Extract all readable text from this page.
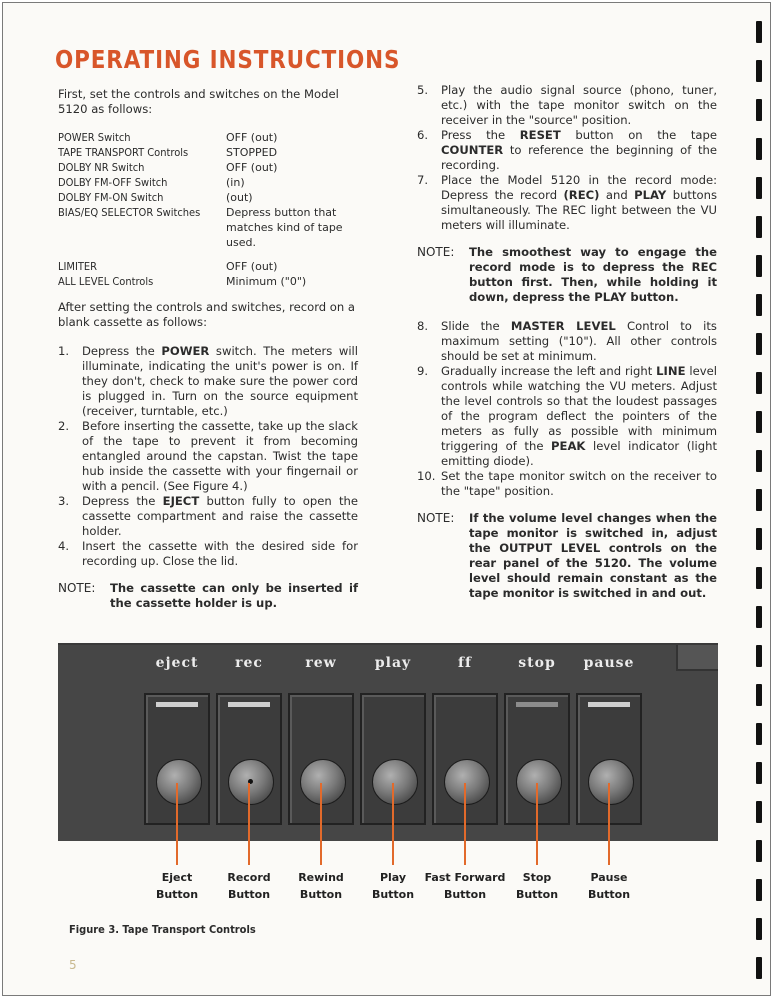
OPERATING INSTRUCTIONS

First, set the controls and switches on the Model 5120 as follows:

POWER Switch	OFF (out)
TAPE TRANSPORT Controls	STOPPED
DOLBY NR Switch	OFF (out)
DOLBY FM-OFF Switch	(in)
DOLBY FM-ON Switch	(out)
BIAS/EQ SELECTOR Switches	Depress button that matches kind of tape used.
LIMITER	OFF (out)
ALL LEVEL Controls	Minimum ("0")

After setting the controls and switches, record on a blank cassette as follows:

1. Depress the POWER switch. The meters will illuminate, indicating the unit's power is on. If they don't, check to make sure the power cord is plugged in. Turn on the source equipment (receiver, turntable, etc.)
2. Before inserting the cassette, take up the slack of the tape to prevent it from becoming entangled around the capstan. Twist the tape hub inside the cassette with your fingernail or with a pencil. (See Figure 4.)
3. Depress the EJECT button fully to open the cassette compartment and raise the cassette holder.
4. Insert the cassette with the desired side for recording up. Close the lid.
NOTE:	The cassette can only be inserted if the cassette holder is up.
5. Play the audio signal source (phono, tuner, etc.) with the tape monitor switch on the receiver in the "source" position.
6. Press the RESET button on the tape COUNTER to reference the beginning of the recording.
7. Place the Model 5120 in the record mode: Depress the record (REC) and PLAY buttons simultaneously. The REC light between the VU meters will illuminate.
NOTE:	The smoothest way to engage the record mode is to depress the REC button first. Then, while holding it down, depress the PLAY button.
8. Slide the MASTER LEVEL Control to its maximum setting ("10"). All other controls should be set at minimum.
9. Gradually increase the left and right LINE level controls while watching the VU meters. Adjust the level controls so that the loudest passages of the program deflect the pointers of the meters as fully as possible with minimum triggering of the PEAK level indicator (light emitting diode).
10. Set the tape monitor switch on the receiver to the "tape" position.
NOTE:	If the volume level changes when the tape monitor is switched in, adjust the OUTPUT LEVEL controls on the rear panel of the 5120. The volume level should remain constant as the tape monitor is switched in and out.
eject	rec	rew	play	ff	stop pause
Eject
Button
Record
Button
Rewind
Button
Play
Button
Fast Forward
Button
Stop
Button
Pause
Button
Figure 3. Tape Transport Controls
5
